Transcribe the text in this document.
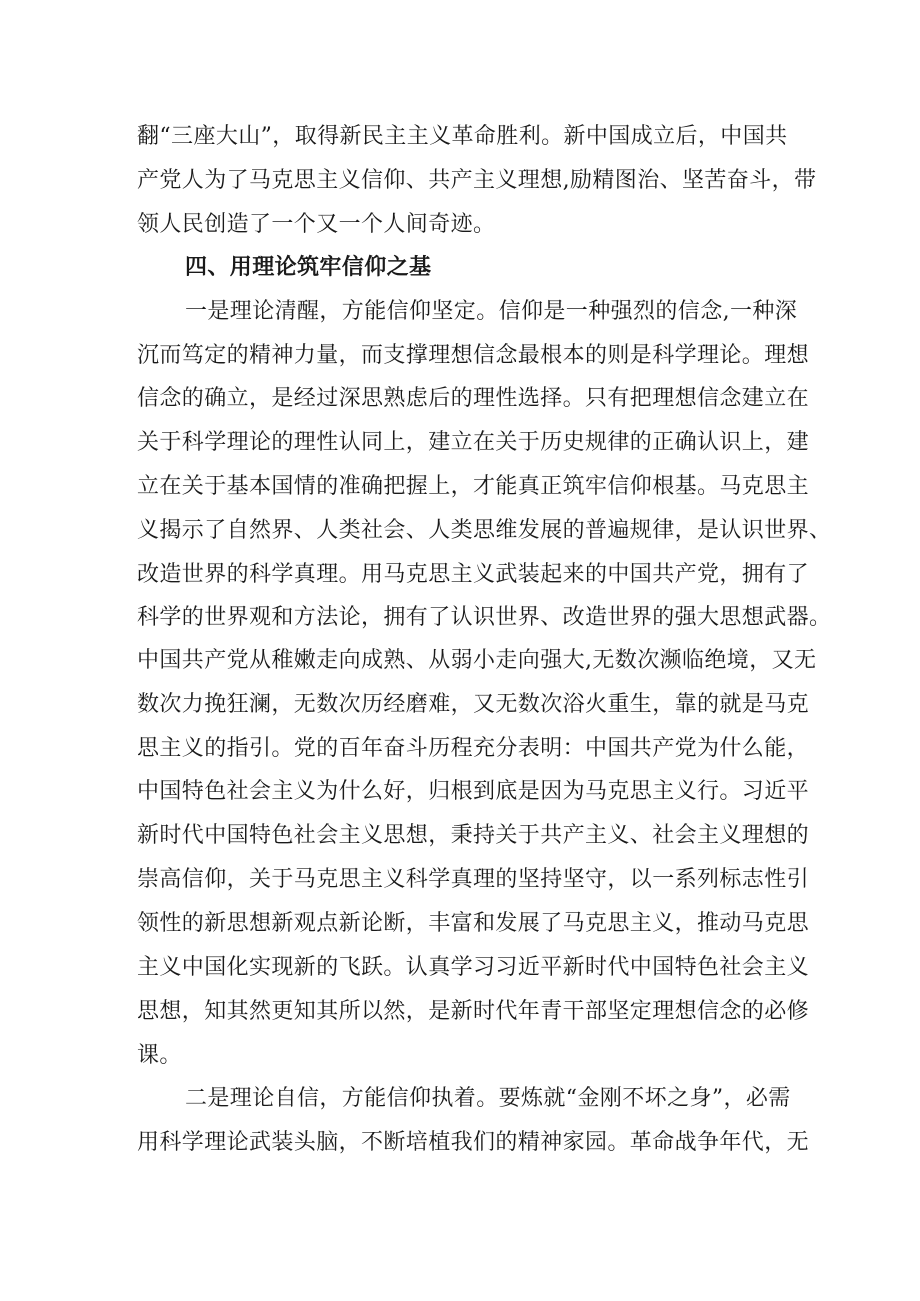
翻“三座大山”，取得新民主主义革命胜利。新中国成立后，中国共
产党人为了马克思主义信仰、共产主义理想,励精图治、坚苦奋斗，带
领人民创造了一个又一个人间奇迹。
四、用理论筑牢信仰之基
一是理论清醒，方能信仰坚定。信仰是一种强烈的信念,一种深
沉而笃定的精神力量，而支撑理想信念最根本的则是科学理论。理想
信念的确立，是经过深思熟虑后的理性选择。只有把理想信念建立在
关于科学理论的理性认同上，建立在关于历史规律的正确认识上，建
立在关于基本国情的准确把握上，才能真正筑牢信仰根基。马克思主
义揭示了自然界、人类社会、人类思维发展的普遍规律，是认识世界、
改造世界的科学真理。用马克思主义武装起来的中国共产党，拥有了
科学的世界观和方法论，拥有了认识世界、改造世界的强大思想武器。
中国共产党从稚嫩走向成熟、从弱小走向强大,无数次濒临绝境，又无
数次力挽狂澜，无数次历经磨难，又无数次浴火重生，靠的就是马克
思主义的指引。党的百年奋斗历程充分表明：中国共产党为什么能，
中国特色社会主义为什么好，归根到底是因为马克思主义行。习近平
新时代中国特色社会主义思想，秉持关于共产主义、社会主义理想的
崇高信仰，关于马克思主义科学真理的坚持坚守，以一系列标志性引
领性的新思想新观点新论断，丰富和发展了马克思主义，推动马克思
主义中国化实现新的飞跃。认真学习习近平新时代中国特色社会主义
思想，知其然更知其所以然，是新时代年青干部坚定理想信念的必修
课。
二是理论自信，方能信仰执着。要炼就“金刚不坏之身”，必需
用科学理论武装头脑，不断培植我们的精神家园。革命战争年代，无
